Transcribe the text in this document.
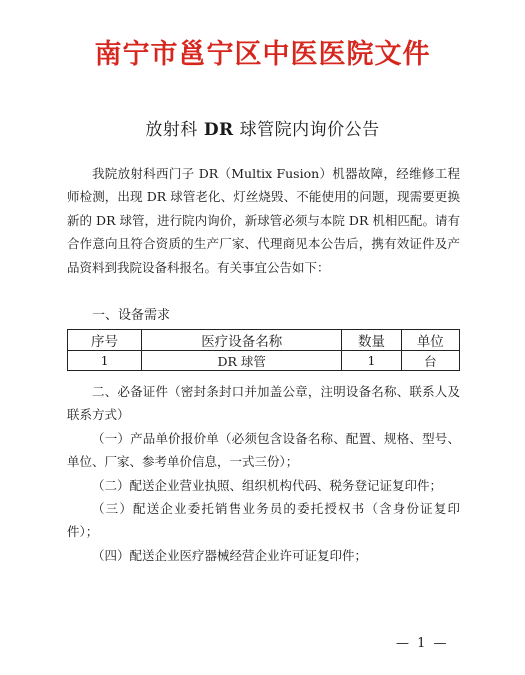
南宁市邕宁区中医医院文件
放射科 DR 球管院内询价公告

我院放射科西门子 DR（Multix Fusion）机器故障，经维修工程师检测，出现 DR 球管老化、灯丝烧毁、不能使用的问题，现需要更换新的 DR 球管，进行院内询价，新球管必须与本院 DR 机相匹配。请有合作意向且符合资质的生产厂家、代理商见本公告后，携有效证件及产品资料到我院设备科报名。有关事宜公告如下：

一、设备需求
序号	医疗设备名称	数量	单位
1	DR 球管	1	台

二、必备证件（密封条封口并加盖公章，注明设备名称、联系人及联系方式）

（一）产品单价报价单（必须包含设备名称、配置、规格、型号、单位、厂家、参考单价信息，一式三份）；

（二）配送企业营业执照、组织机构代码、税务登记证复印件；

（三）配送企业委托销售业务员的委托授权书（含身份证复印件）；

（四）配送企业医疗器械经营企业许可证复印件；

— 1 —
